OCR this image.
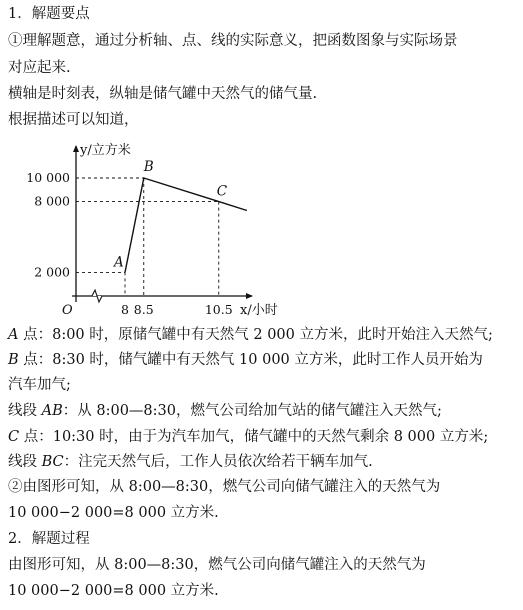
1．解题要点
①理解题意，通过分析轴、点、线的实际意义，把函数图象与实际场景
对应起来.
横轴是时刻表，纵轴是储气罐中天然气的储气量.
根据描述可以知道，
y/立方米
x/小时
O
2 000
8 000
10 000
8 8.5	10.5
A
B
C
A 点：8:00 时，原储气罐中有天然气 2 000 立方米，此时开始注入天然气;
B 点：8:30 时，储气罐中有天然气 10 000 立方米，此时工作人员开始为
汽车加气;
线段 AB：从 8:00—8:30，燃气公司给加气站的储气罐注入天然气;
C 点：10:30 时，由于为汽车加气，储气罐中的天然气剩余 8 000 立方米;
线段 BC：注完天然气后，工作人员依次给若干辆车加气.
②由图形可知，从 8:00—8:30，燃气公司向储气罐注入的天然气为
10 000−2 000=8 000 立方米.
2．解题过程
由图形可知，从 8:00—8:30，燃气公司向储气罐注入的天然气为
10 000−2 000=8 000 立方米.
